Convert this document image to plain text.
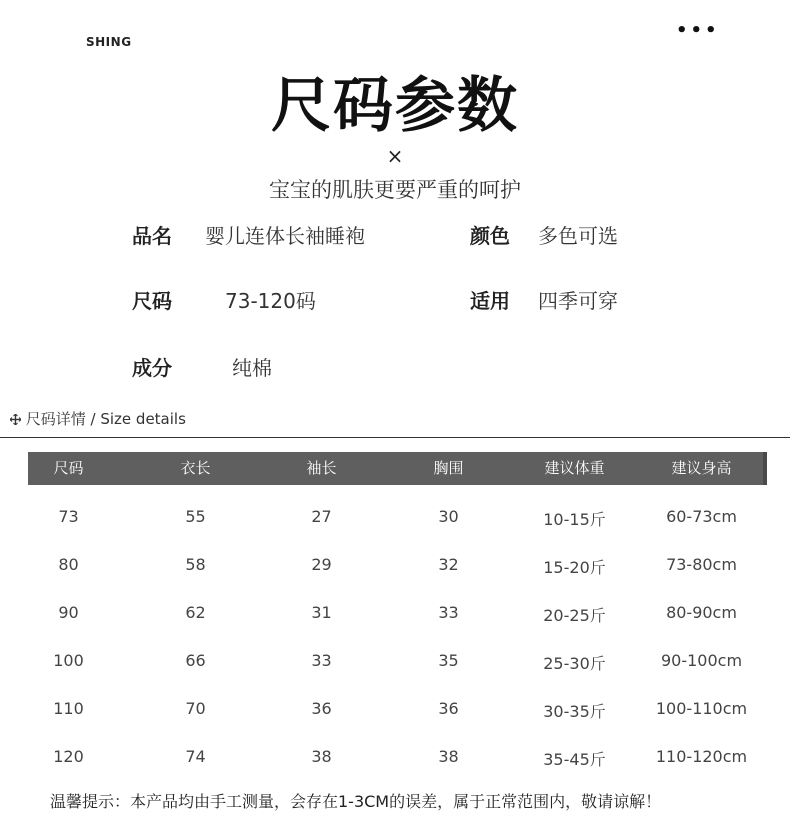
SHING
•••
尺码参数
×
宝宝的肌肤更要严重的呵护
品名 婴儿连体长袖睡袍	颜色 多色可选
尺码	73-120码	适用 四季可穿
成分	纯棉
尺码详情 / Size details
尺码	衣长	袖长	胸围	建议体重	建议身高
73	55	27	30	10-15斤	60-73cm
80	58	29	32	15-20斤	73-80cm
90	62	31	33	20-25斤	80-90cm
100	66	33	35	25-30斤	90-100cm
110	70	36	36	30-35斤	100-110cm
120	74	38	38	35-45斤	110-120cm
温馨提示：本产品均由手工测量，会存在1-3CM的误差，属于正常范围内，敬请谅解！
